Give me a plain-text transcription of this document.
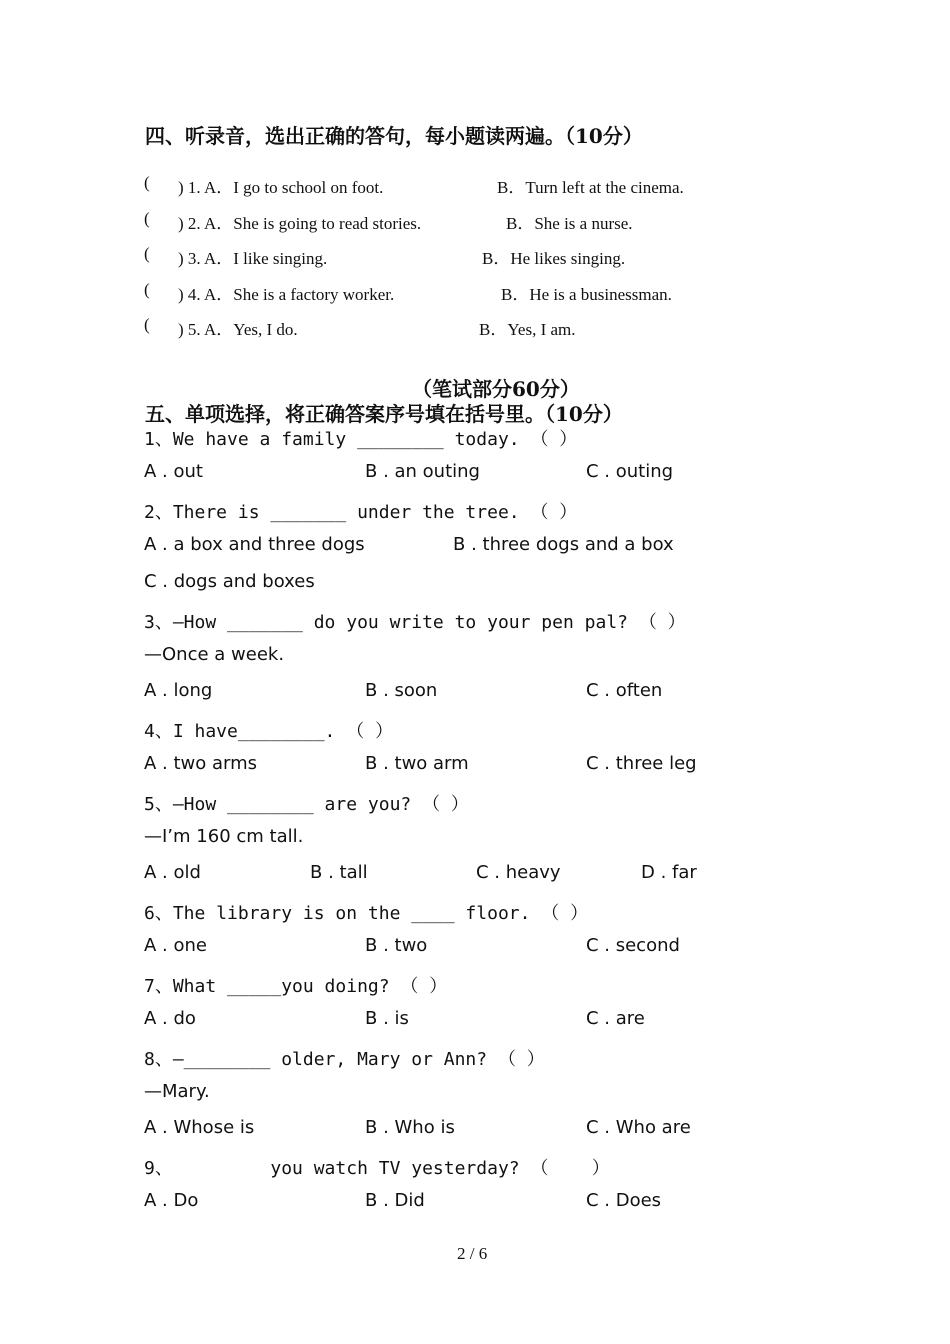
四、听录音，选出正确的答句，每小题读两遍。（10分）
( ) 1. A．I go to school on foot.	B．Turn left at the cinema.
( ) 2. A．She is going to read stories.	B．She is a nurse.
( ) 3. A．I like singing.	B．He likes singing.
( ) 4. A．She is a factory worker.	B．He is a businessman.
( ) 5. A．Yes, I do.	B．Yes, I am.
（笔试部分60分）
五、单项选择，将正确答案序号填在括号里。（10分）
1、We have a family ________ today. （ ）
A . out	B . an outing	C . outing
2、There is _______ under the tree. （ ）
A . a box and three dogs	B . three dogs and a box
C . dogs and boxes
3、—How _______ do you write to your pen pal? （ ）
—Once a week.
A . long	B . soon	C . often
4、I have________. （ ）
A . two arms	B . two arm	C . three leg
5、—How ________ are you? （ ）
—I’m 160 cm tall.
A . old	B . tall	C . heavy	D . far
6、The library is on the ____ floor. （ ）
A . one	B . two	C . second
7、What _____you doing? （ ）
A . do	B . is	C . are
8、—________ older, Mary or Ann? （ ）
—Mary.
A . Whose is	B . Who is	C . Who are
9、         you watch TV yesterday? （    ）
A . Do	B . Did	C . Does
2 / 6
